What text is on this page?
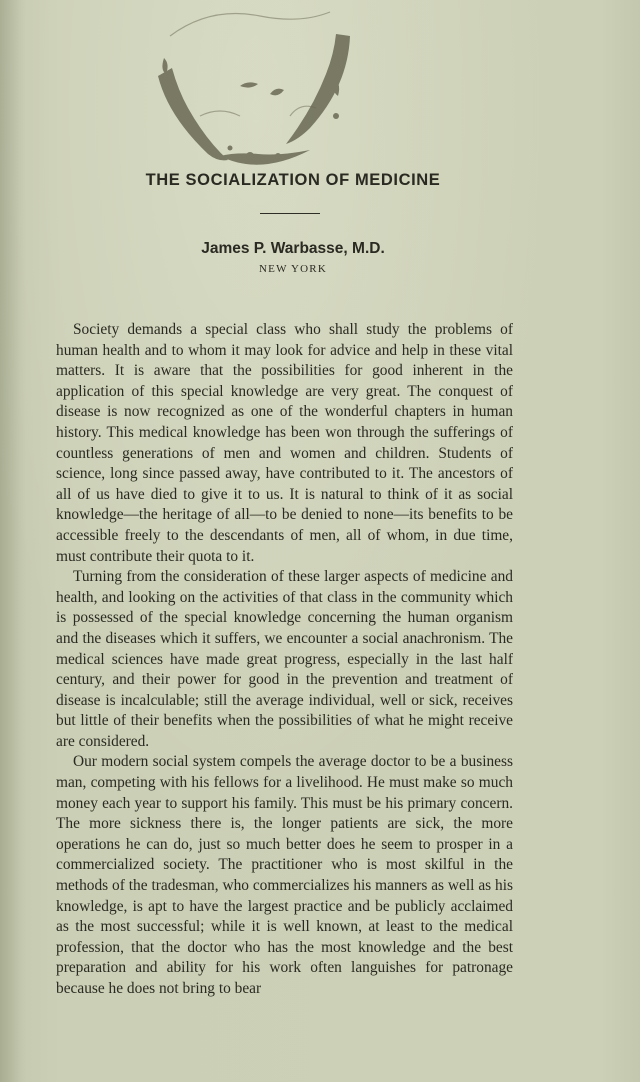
THE SOCIALIZATION OF MEDICINE
James P. Warbasse, M.D.
NEW YORK

Society demands a special class who shall study the problems of human health and to whom it may look for advice and help in these vital matters. It is aware that the possibilities for good inherent in the application of this special knowledge are very great. The conquest of disease is now recognized as one of the wonderful chapters in human history. This medical knowledge has been won through the sufferings of countless generations of men and women and children. Students of science, long since passed away, have contributed to it. The ancestors of all of us have died to give it to us. It is natural to think of it as social knowledge—the heritage of all—to be denied to none—its benefits to be accessible freely to the descendants of men, all of whom, in due time, must contribute their quota to it.

Turning from the consideration of these larger aspects of medicine and health, and looking on the activities of that class in the community which is possessed of the special knowledge concerning the human organism and the diseases which it suffers, we encounter a social anachronism. The medical sciences have made great progress, especially in the last half century, and their power for good in the prevention and treatment of disease is incalculable; still the average individual, well or sick, receives but little of their benefits when the possibilities of what he might receive are considered.

Our modern social system compels the average doctor to be a business man, competing with his fellows for a livelihood. He must make so much money each year to support his family. This must be his primary concern. The more sickness there is, the longer patients are sick, the more operations he can do, just so much better does he seem to prosper in a commercialized society. The practitioner who is most skilful in the methods of the tradesman, who commercializes his manners as well as his knowledge, is apt to have the largest practice and be publicly acclaimed as the most successful; while it is well known, at least to the medical profession, that the doctor who has the most knowledge and the best preparation and ability for his work often languishes for patronage because he does not bring to bear
